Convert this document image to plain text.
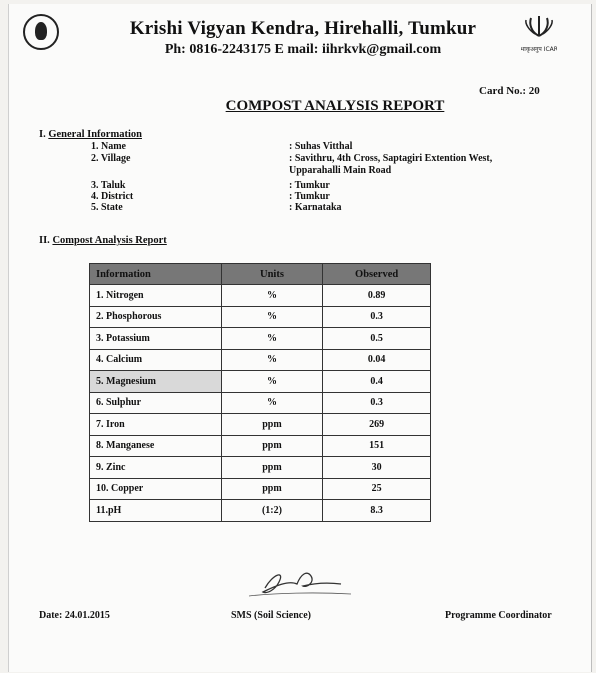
Krishi Vigyan Kendra, Hirehalli, Tumkur
Ph: 0816-2243175 E mail: iihrkvk@gmail.com	भाकृअनुप ICAR
Card No.: 20
COMPOST ANALYSIS REPORT
I. General Information
1. Name	: Suhas Vitthal
2. Village	: Savithru, 4th Cross, Saptagiri Extention West,
Upparahalli Main Road
3. Taluk	: Tumkur
4. District	: Tumkur
5. State	: Karnataka
II. Compost Analysis Report
Information	Units	Observed
1. Nitrogen	%	0.89
2. Phosphorous	%	0.3
3. Potassium	%	0.5
4. Calcium	%	0.04
5. Magnesium	%	0.4
6. Sulphur	%	0.3
7. Iron	ppm	269
8. Manganese	ppm	151
9. Zinc	ppm	30
10. Copper	ppm	25
11.pH	(1:2)	8.3
Date: 24.01.2015	SMS (Soil Science)	Programme Coordinator
